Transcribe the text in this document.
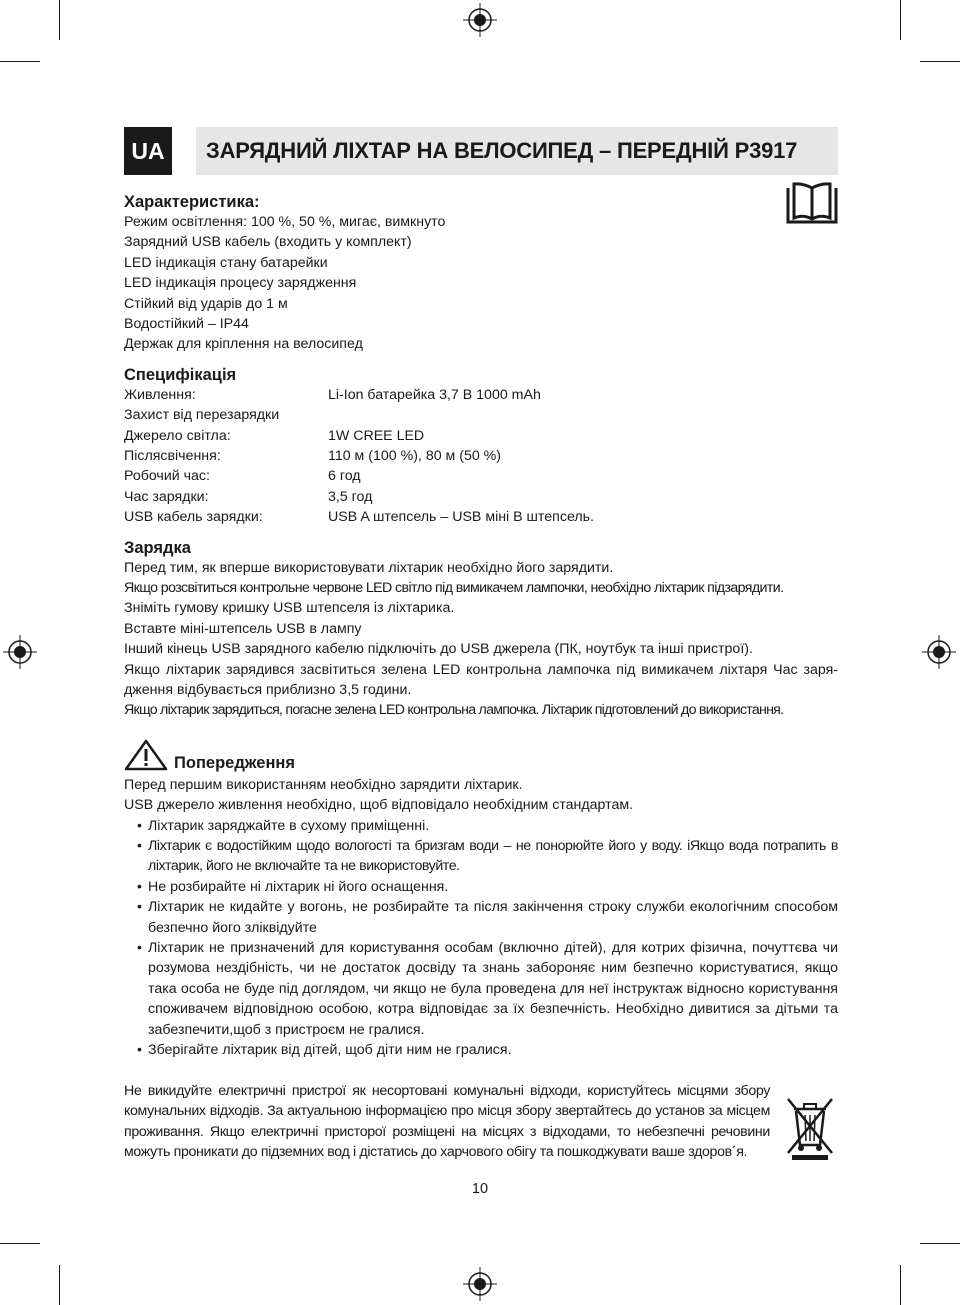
UA	ЗАРЯДНИЙ ЛІХТАР НА ВЕЛОСИПЕД – ПЕРЕДНІЙ P3917
Характеристика:
Режим освітлення: 100 %, 50 %, мигає, вимкнуто
Зарядний USB кабель (входить у комплект)
LED індикація стану батарейки
LED індикація процесу зарядження
Стійкий від ударів до 1 м
Водостійкий – IP44
Держак для кріплення на велосипед
Специфікація
Живлення:	Li-Ion батарейка 3,7 В 1000 mAh
Захист від перезарядки
Джерело світла:	1W CREE LED
Післясвічення:	110 м (100 %), 80 м (50 %)
Робочий час:	6 год
Час зарядки:	3,5 год
USB кабель зарядки:	USB A штепсель – USB міні B штепсель.
Зарядка
Перед тим, як вперше використовувати ліхтарик необхідно його зарядити.
Якщо розсвітиться контрольне червоне LED світло під вимикачем лампочки, необхідно ліхтарик підзарядити.
Зніміть гумову кришку USB штепселя із ліхтарика.
Вставте міні-штепсель USB в лампу
Інший кінець USB зарядного кабелю підключіть до USB джерела (ПК, ноутбук та інші пристрої).
Якщо ліхтарик зарядився засвітиться зелена LED контрольна лампочка під вимикачем ліхтаря Час заря-дження відбувається приблизно 3,5 години.
Якщо ліхтарик зарядиться, погасне зелена LED контрольна лампочка. Ліхтарик підготовлений до використання.
Попередження
Перед першим використанням необхідно зарядити ліхтарик.
USB джерело живлення необхідно, щоб відповідало необхідним стандартам.
• Ліхтарик заряджайте в сухому приміщенні.
• Ліхтарик є водостійким щодо вологості та бризгам води – не понорюйте його у воду. іЯкщо вода потрапить в ліхтарик, його не включайте та не використовуйте.
• Не розбирайте ні ліхтарик ні його оснащення.
• Ліхтарик не кидайте у вогонь, не розбирайте та після закінчення строку служби екологічним способом безпечно його зліквідуйте
• Ліхтарик не призначений для користування особам (включно дітей), для котрих фізична, почуттєва чи розумова нездібність, чи не достаток досвіду та знань забороняє ним безпечно користуватися, якщо така особа не буде під доглядом, чи якщо не була проведена для неї інструктаж відносно користування споживачем відповідною особою, котра відповідає за їх безпечність. Необхідно дивитися за дітьми та забезпечити,щоб з пристроєм не гралися.
• Зберігайте ліхтарик від дітей, щоб діти ним не гралися.
Не викидуйте електричні пристрої як несортовані комунальні відходи, користуйтесь місцями збору комунальних відходів. За актуальною інформацією про місця збору звертайтесь до установ за місцем проживання. Якщо електричні присторої розміщені на місцях з відходами, то небезпечні речовини можуть проникати до підземних вод і дістатись до харчового обігу та пошкоджувати ваше здоров´я.
10
